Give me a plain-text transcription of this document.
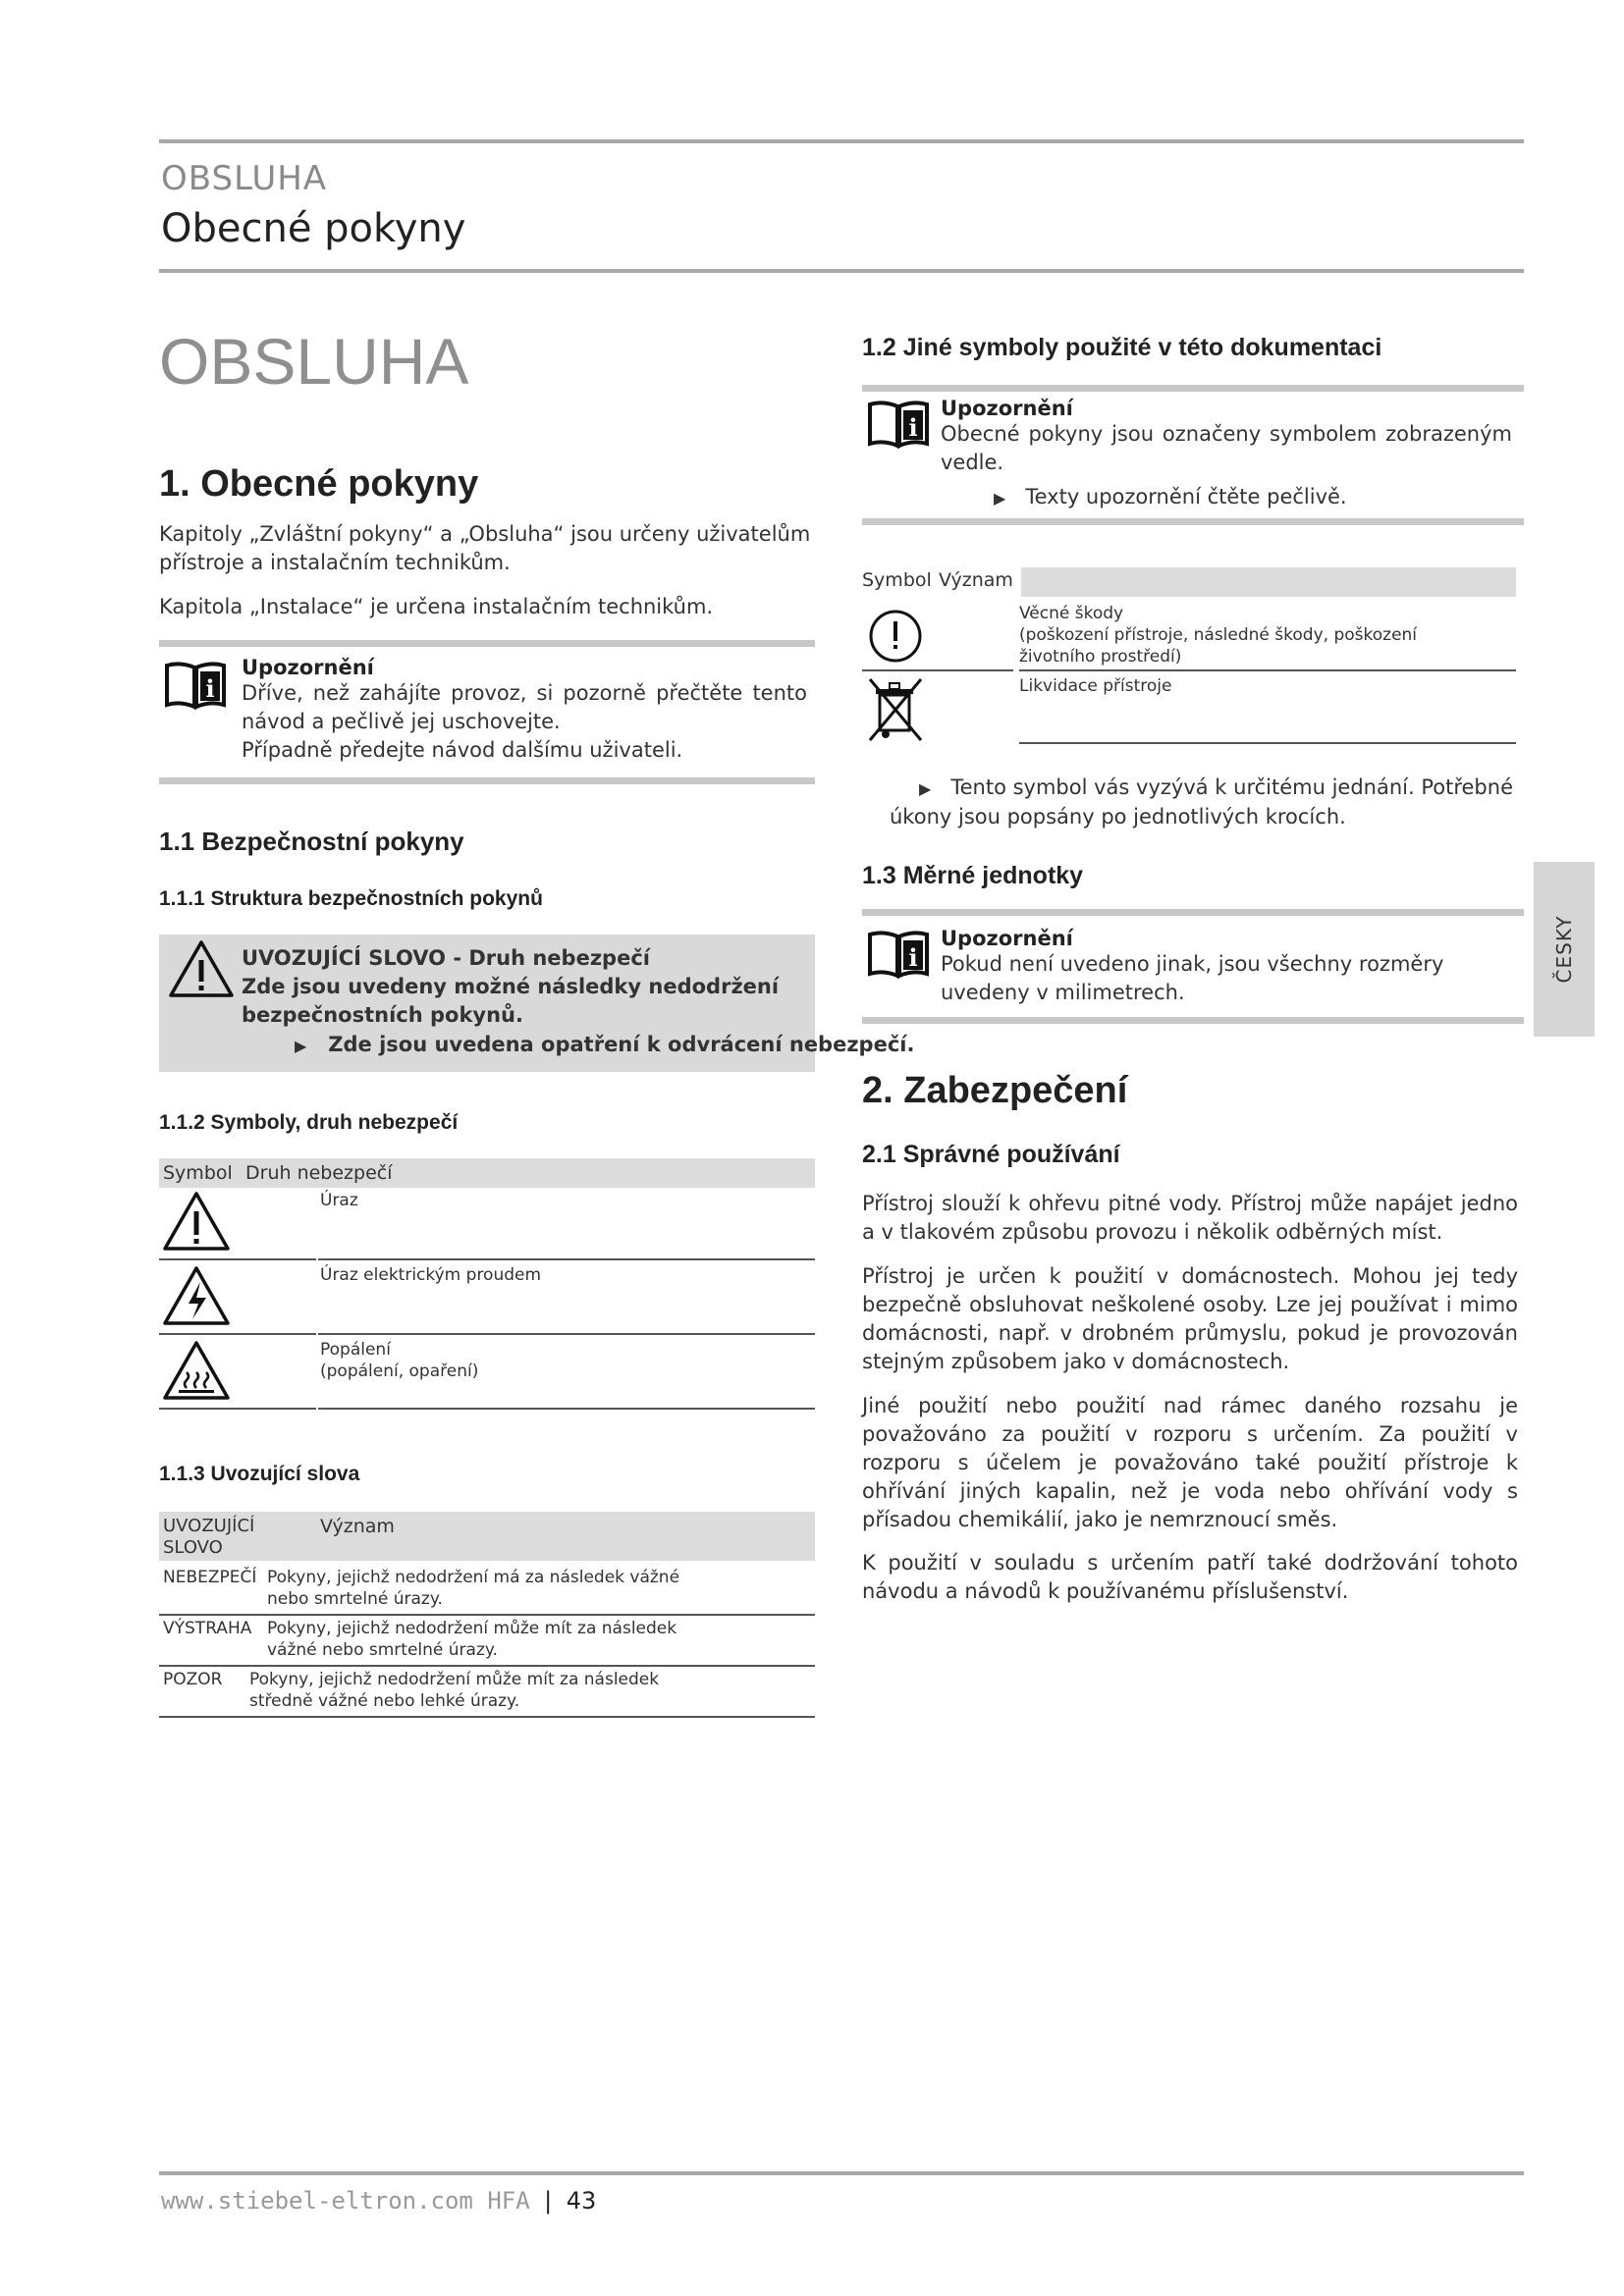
OBSLUHA
Obecné pokyny
OBSLUHA
1. Obecné pokyny
Kapitoly „Zvláštní pokyny“ a „Obsluha“ jsou určeny uživatelům přístroje a instalačním technikům.
Kapitola „Instalace“ je určena instalačním technikům.
i
Upozornění
Dříve, než zahájíte provoz, si pozorně přečtěte tento návod a pečlivě jej uschovejte.
Případně předejte návod dalšímu uživateli.
1.1 Bezpečnostní pokyny
1.1.1 Struktura bezpečnostních pokynů
UVOZUJÍCÍ SLOVO - Druh nebezpečí
Zde jsou uvedeny možné následky nedodržení bezpečnostních pokynů.
▶ Zde jsou uvedena opatření k odvrácení nebezpečí.
1.1.2 Symboly, druh nebezpečí
Symbol Druh nebezpečí
Úraz
Úraz elektrickým proudem
Popálení
(popálení, opaření)
1.1.3 Uvozující slova
UVOZUJÍCÍ SLOVO
Význam
NEBEZPEČÍ Pokyny, jejichž nedodržení má za následek vážné nebo smrtelné úrazy.
VÝSTRAHA Pokyny, jejichž nedodržení může mít za následek vážné nebo smrtelné úrazy.
POZOR Pokyny, jejichž nedodržení může mít za následek středně vážné nebo lehké úrazy.
1.2 Jiné symboly použité v této dokumentaci
i
Upozornění
Obecné pokyny jsou označeny symbolem zobrazeným vedle.
▶ Texty upozornění čtěte pečlivě.
Symbol Význam
Věcné škody
(poškození přístroje, následné škody, poškození životního prostředí)
Likvidace přístroje
▶ Tento symbol vás vyzývá k určitému jednání. Potřebné úkony jsou popsány po jednotlivých krocích.
1.3 Měrné jednotky
i
Upozornění
Pokud není uvedeno jinak, jsou všechny rozměry uvedeny v milimetrech.
2. Zabezpečení
2.1 Správné používání
Přístroj slouží k ohřevu pitné vody. Přístroj může napájet jedno a v tlakovém způsobu provozu i několik odběrných míst.
Přístroj je určen k použití v domácnostech. Mohou jej tedy bezpečně obsluhovat neškolené osoby. Lze jej používat i mimo domácnosti, např. v drobném průmyslu, pokud je provozován stejným způsobem jako v domácnostech.
Jiné použití nebo použití nad rámec daného rozsahu je považováno za použití v rozporu s určením. Za použití v rozporu s účelem je považováno také použití přístroje k ohřívání jiných kapalin, než je voda nebo ohřívání vody s přísadou chemikálií, jako je nemrznoucí směs.
K použití v souladu s určením patří také dodržování tohoto návodu a návodů k používanému příslušenství.
ČESKY
www.stiebel-eltron.com HFA | 43
